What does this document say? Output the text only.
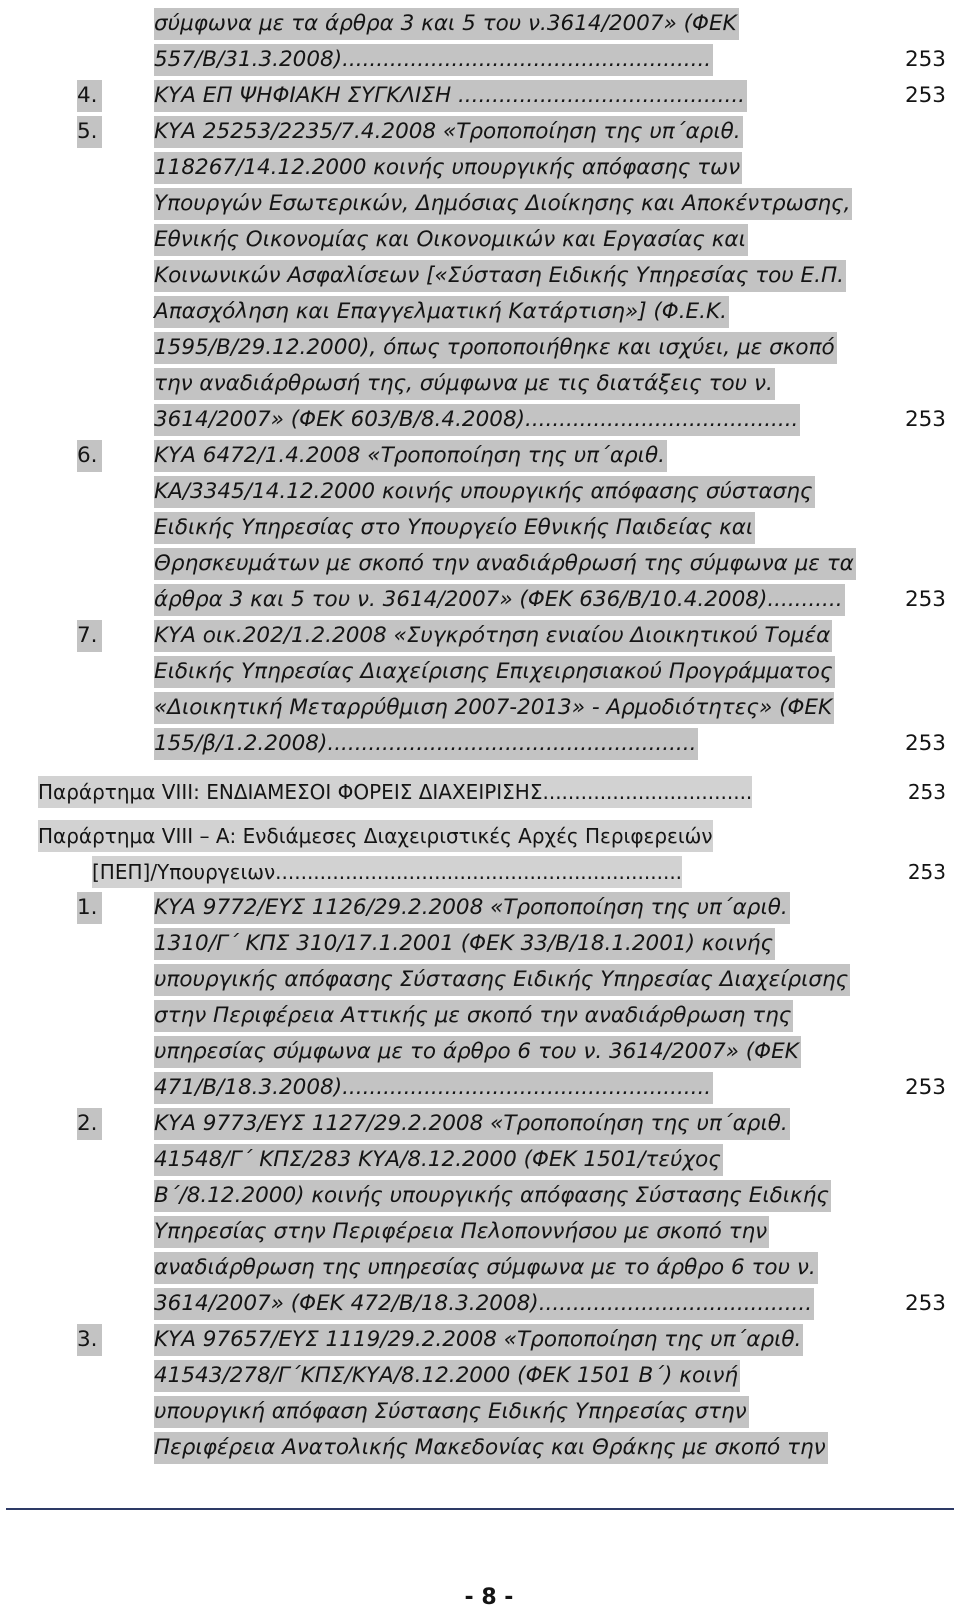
σύμφωνα με τα άρθρα 3 και 5 του ν.3614/2007» (ΦΕΚ
557/Β/31.3.2008)......................................................	253
4.	ΚΥΑ ΕΠ ΨΗΦΙΑΚΗ ΣΥΓΚΛΙΣΗ ..........................................	253
5.	ΚΥΑ 25253/2235/7.4.2008 «Τροποποίηση της υπ΄αριθ.
118267/14.12.2000 κοινής υπουργικής απόφασης των
Υπουργών Εσωτερικών, Δημόσιας Διοίκησης και Αποκέντρωσης,
Εθνικής Οικονομίας και Οικονομικών και Εργασίας και
Κοινωνικών Ασφαλίσεων [«Σύσταση Ειδικής Υπηρεσίας του Ε.Π.
Απασχόληση και Επαγγελματική Κατάρτιση»] (Φ.Ε.Κ.
1595/Β/29.12.2000), όπως τροποποιήθηκε και ισχύει, με σκοπό
την αναδιάρθρωσή της, σύμφωνα με τις διατάξεις του ν.
3614/2007» (ΦΕΚ 603/Β/8.4.2008)........................................	253
6.	ΚΥΑ 6472/1.4.2008 «Τροποποίηση της υπ΄αριθ.
ΚΑ/3345/14.12.2000 κοινής υπουργικής απόφασης σύστασης
Ειδικής Υπηρεσίας στο Υπουργείο Εθνικής Παιδείας και
Θρησκευμάτων με σκοπό την αναδιάρθρωσή της σύμφωνα με τα
άρθρα 3 και 5 του ν. 3614/2007» (ΦΕΚ 636/Β/10.4.2008)...........	253
7.	ΚΥΑ οικ.202/1.2.2008 «Συγκρότηση ενιαίου Διοικητικού Τομέα
Ειδικής Υπηρεσίας Διαχείρισης Επιχειρησιακού Προγράμματος
«Διοικητική Μεταρρύθμιση 2007-2013» - Αρμοδιότητες» (ΦΕΚ
155/β/1.2.2008)......................................................	253
Παράρτημα VIII: ΕΝΔΙΑΜΕΣΟΙ ΦΟΡΕΙΣ ΔΙΑΧΕΙΡΙΣΗΣ.................................	253
Παράρτημα VIII – Α: Ενδιάμεσες Διαχειριστικές Αρχές Περιφερειών
[ΠΕΠ]/Υπουργειων................................................................	253
1.	ΚΥΑ 9772/ΕΥΣ 1126/29.2.2008 «Τροποποίηση της υπ΄αριθ.
1310/Γ΄ ΚΠΣ 310/17.1.2001 (ΦΕΚ 33/Β/18.1.2001) κοινής
υπουργικής απόφασης Σύστασης Ειδικής Υπηρεσίας Διαχείρισης
στην Περιφέρεια Αττικής με σκοπό την αναδιάρθρωση της
υπηρεσίας σύμφωνα με το άρθρο 6 του ν. 3614/2007» (ΦΕΚ
471/Β/18.3.2008)......................................................	253
2.	ΚΥΑ 9773/ΕΥΣ 1127/29.2.2008 «Τροποποίηση της υπ΄αριθ.
41548/Γ΄ ΚΠΣ/283 ΚΥΑ/8.12.2000 (ΦΕΚ 1501/τεύχος
Β΄/8.12.2000) κοινής υπουργικής απόφασης Σύστασης Ειδικής
Υπηρεσίας στην Περιφέρεια Πελοποννήσου με σκοπό την
αναδιάρθρωση της υπηρεσίας σύμφωνα με το άρθρο 6 του ν.
3614/2007» (ΦΕΚ 472/Β/18.3.2008)........................................	253
3.	ΚΥΑ 97657/ΕΥΣ 1119/29.2.2008 «Τροποποίηση της υπ΄αριθ.
41543/278/Γ΄ΚΠΣ/ΚΥΑ/8.12.2000 (ΦΕΚ 1501 Β΄) κοινή
υπουργική απόφαση Σύστασης Ειδικής Υπηρεσίας στην
Περιφέρεια Ανατολικής Μακεδονίας και Θράκης με σκοπό την
- 8 -
